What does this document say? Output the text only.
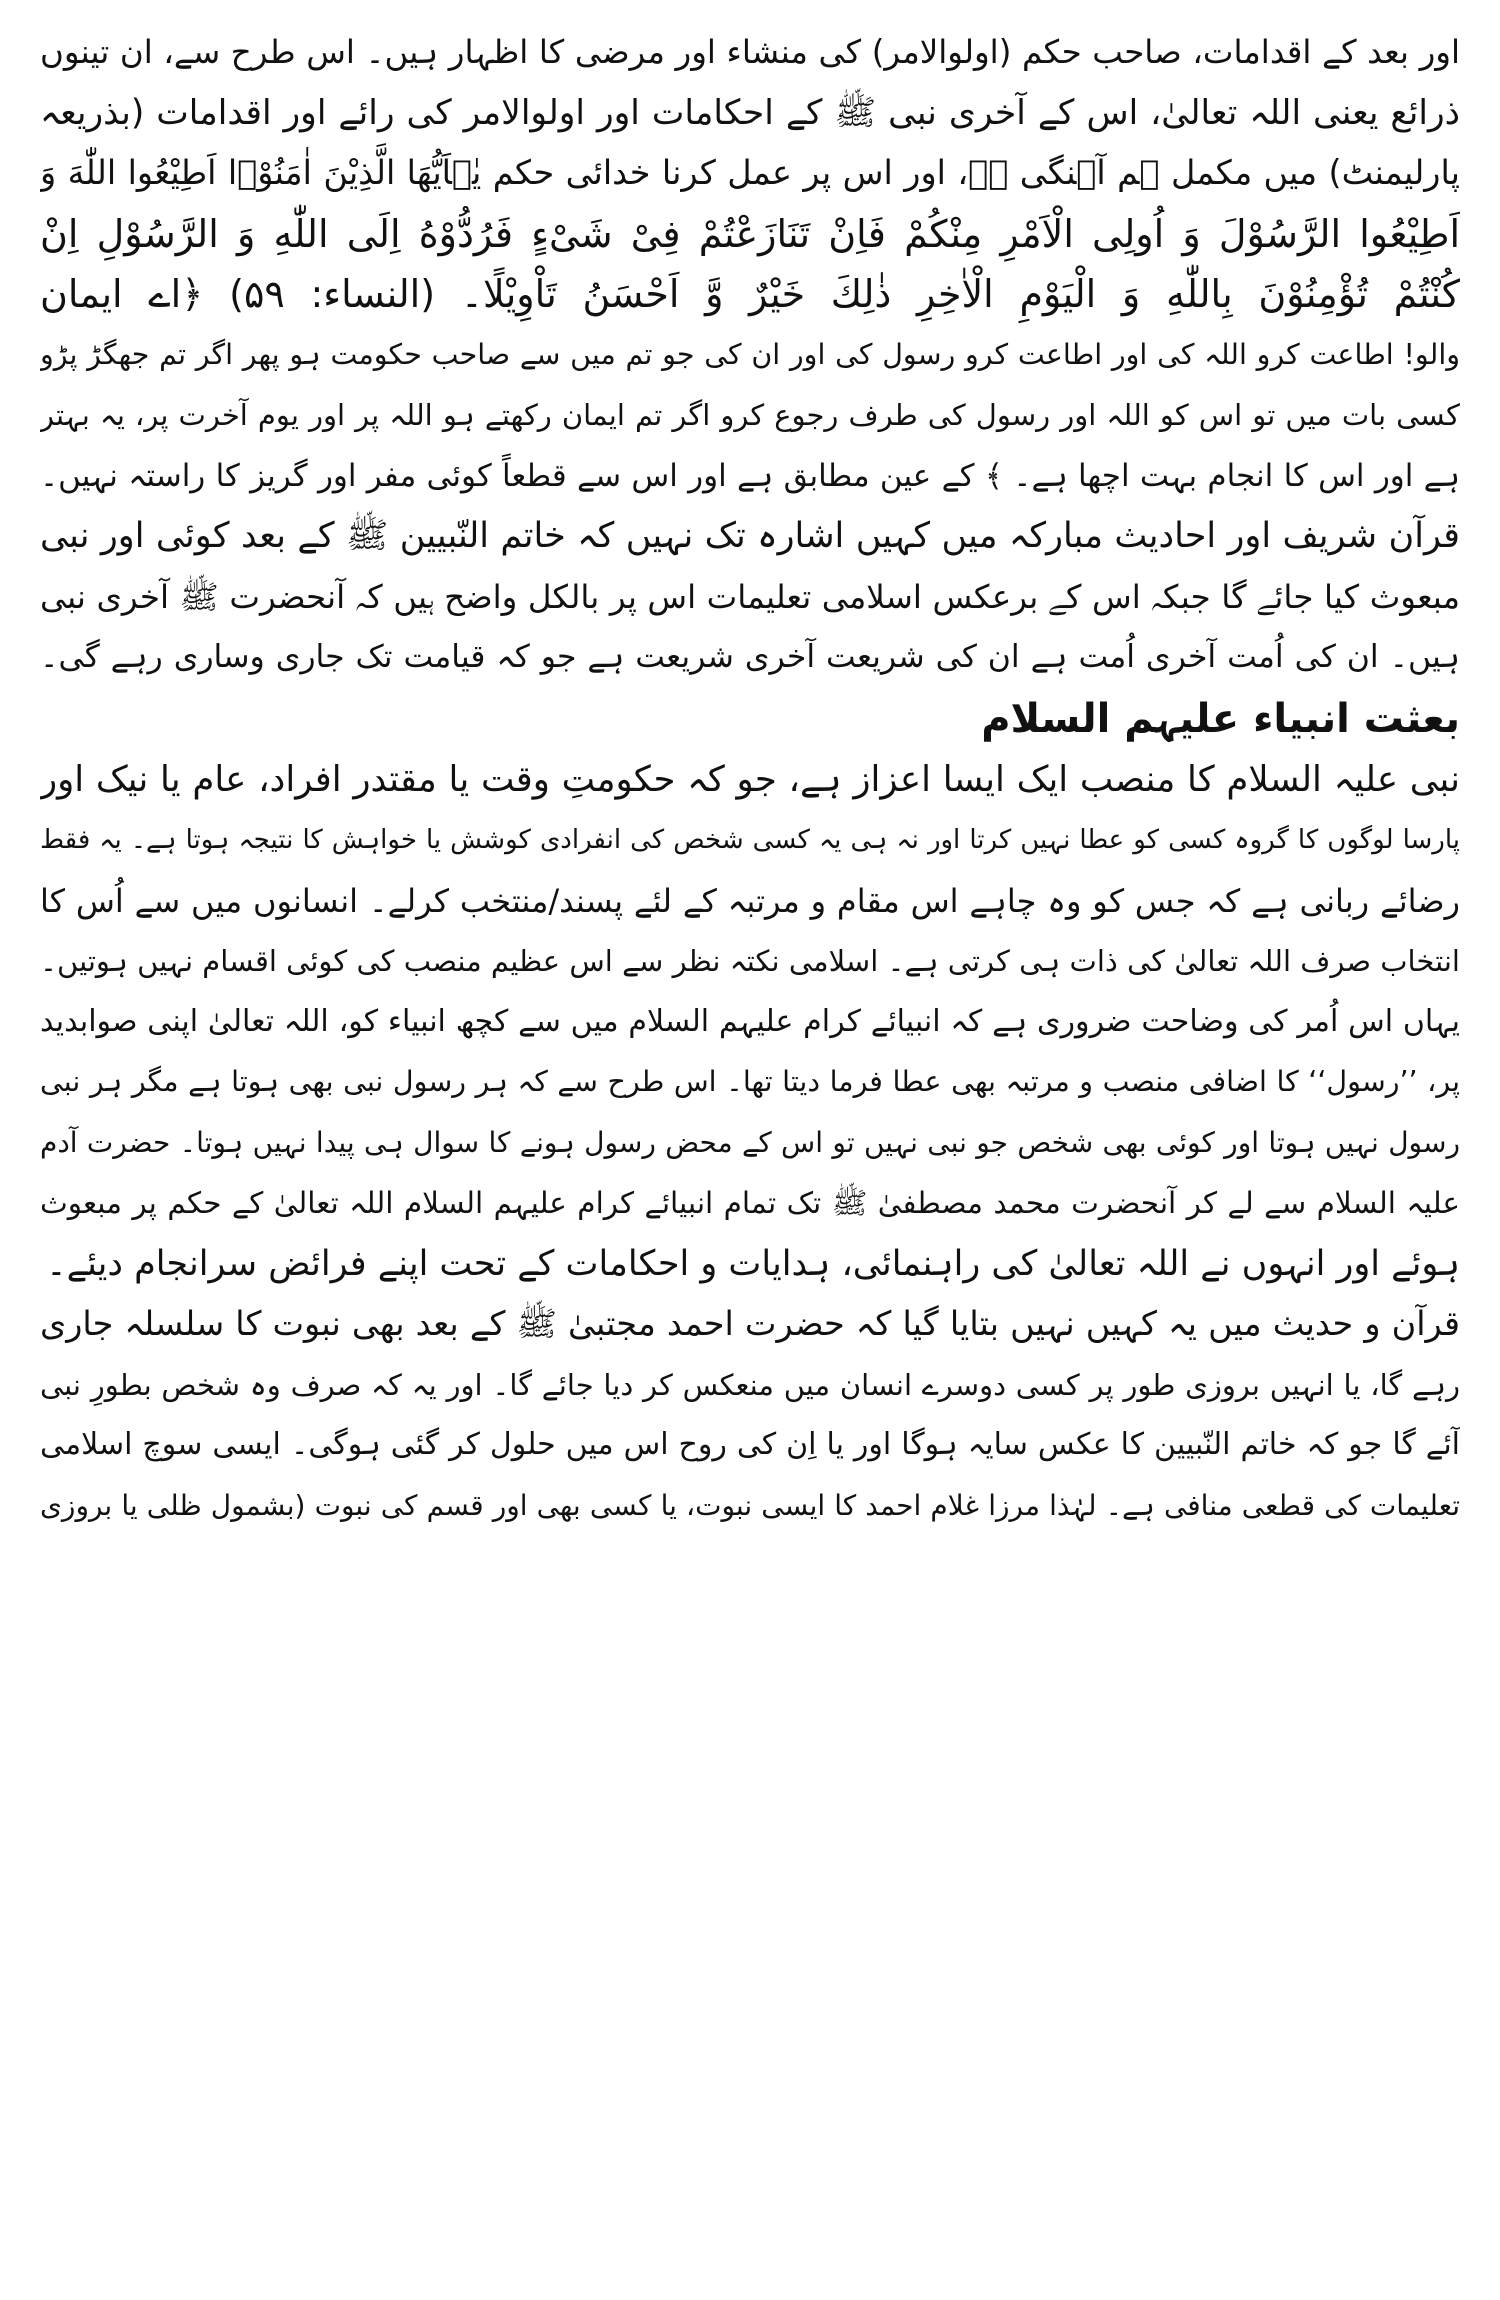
اور بعد کے اقدامات، صاحب حکم (اولوالامر) کی منشاء اور مرضی کا اظہار ہیں۔ اس طرح سے، ان تینوں
ذرائع یعنی اللہ تعالیٰ، اس کے آخری نبی ﷺ کے احکامات اور اولوالامر کی رائے اور اقدامات (بذریعہ
پارلیمنٹ) میں مکمل ہم آہنگی ہے، اور اس پر عمل کرنا خدائی حکم یٰۤاَیُّهَا الَّذِیْنَ اٰمَنُوْۤا اَطِیْعُوا اللّٰهَ وَ
اَطِیْعُوا الرَّسُوْلَ وَ اُولِی الْاَمْرِ مِنْكُمْ فَاِنْ تَنَازَعْتُمْ فِیْ شَیْءٍ فَرُدُّوْهُ اِلَى اللّٰهِ وَ الرَّسُوْلِ اِنْ
كُنْتُمْ تُؤْمِنُوْنَ بِاللّٰهِ وَ الْیَوْمِ الْاٰخِرِ ذٰلِكَ خَیْرٌ وَّ اَحْسَنُ تَاْوِیْلًا۔ (النساء: ۵۹) ﴿اے ایمان
والو! اطاعت کرو اللہ کی اور اطاعت کرو رسول کی اور ان کی جو تم میں سے صاحب حکومت ہو پھر اگر تم جھگڑ پڑو
کسی بات میں تو اس کو اللہ اور رسول کی طرف رجوع کرو اگر تم ایمان رکھتے ہو اللہ پر اور یوم آخرت پر، یہ بہتر
ہے اور اس کا انجام بہت اچھا ہے۔ ﴾ کے عین مطابق ہے اور اس سے قطعاً کوئی مفر اور گریز کا راستہ نہیں۔
قرآن شریف اور احادیث مبارکہ میں کہیں اشارہ تک نہیں کہ خاتم النّبیین ﷺ کے بعد کوئی اور نبی
مبعوث کیا جائے گا جبکہ اس کے برعکس اسلامی تعلیمات اس پر بالکل واضح ہیں کہ آنحضرت ﷺ آخری نبی
ہیں۔ ان کی اُمت آخری اُمت ہے ان کی شریعت آخری شریعت ہے جو کہ قیامت تک جاری وساری رہے گی۔
بعثت انبیاء علیہم السلام
نبی علیہ السلام کا منصب ایک ایسا اعزاز ہے، جو کہ حکومتِ وقت یا مقتدر افراد، عام یا نیک اور
پارسا لوگوں کا گروہ کسی کو عطا نہیں کرتا اور نہ ہی یہ کسی شخص کی انفرادی کوشش یا خواہش کا نتیجہ ہوتا ہے۔ یہ فقط
رضائے ربانی ہے کہ جس کو وہ چاہے اس مقام و مرتبہ کے لئے پسند/منتخب کرلے۔ انسانوں میں سے اُس کا
انتخاب صرف اللہ تعالیٰ کی ذات ہی کرتی ہے۔ اسلامی نکتہ نظر سے اس عظیم منصب کی کوئی اقسام نہیں ہوتیں۔
یہاں اس اُمر کی وضاحت ضروری ہے کہ انبیائے کرام علیہم السلام میں سے کچھ انبیاء کو، اللہ تعالیٰ اپنی صوابدید
پر، ’’رسول‘‘ کا اضافی منصب و مرتبہ بھی عطا فرما دیتا تھا۔ اس طرح سے کہ ہر رسول نبی بھی ہوتا ہے مگر ہر نبی
رسول نہیں ہوتا اور کوئی بھی شخص جو نبی نہیں تو اس کے محض رسول ہونے کا سوال ہی پیدا نہیں ہوتا۔ حضرت آدم
علیہ السلام سے لے کر آنحضرت محمد مصطفیٰ ﷺ تک تمام انبیائے کرام علیہم السلام اللہ تعالیٰ کے حکم پر مبعوث
ہوئے اور انہوں نے اللہ تعالیٰ کی راہنمائی، ہدایات و احکامات کے تحت اپنے فرائض سرانجام دیئے۔
قرآن و حدیث میں یہ کہیں نہیں بتایا گیا کہ حضرت احمد مجتبیٰ ﷺ کے بعد بھی نبوت کا سلسلہ جاری
رہے گا، یا انہیں بروزی طور پر کسی دوسرے انسان میں منعکس کر دیا جائے گا۔ اور یہ کہ صرف وہ شخص بطورِ نبی
آئے گا جو کہ خاتم النّبیین کا عکس سایہ ہوگا اور یا اِن کی روح اس میں حلول کر گئی ہوگی۔ ایسی سوچ اسلامی
تعلیمات کی قطعی منافی ہے۔ لہٰذا مرزا غلام احمد کا ایسی نبوت، یا کسی بھی اور قسم کی نبوت (بشمول ظلی یا بروزی
